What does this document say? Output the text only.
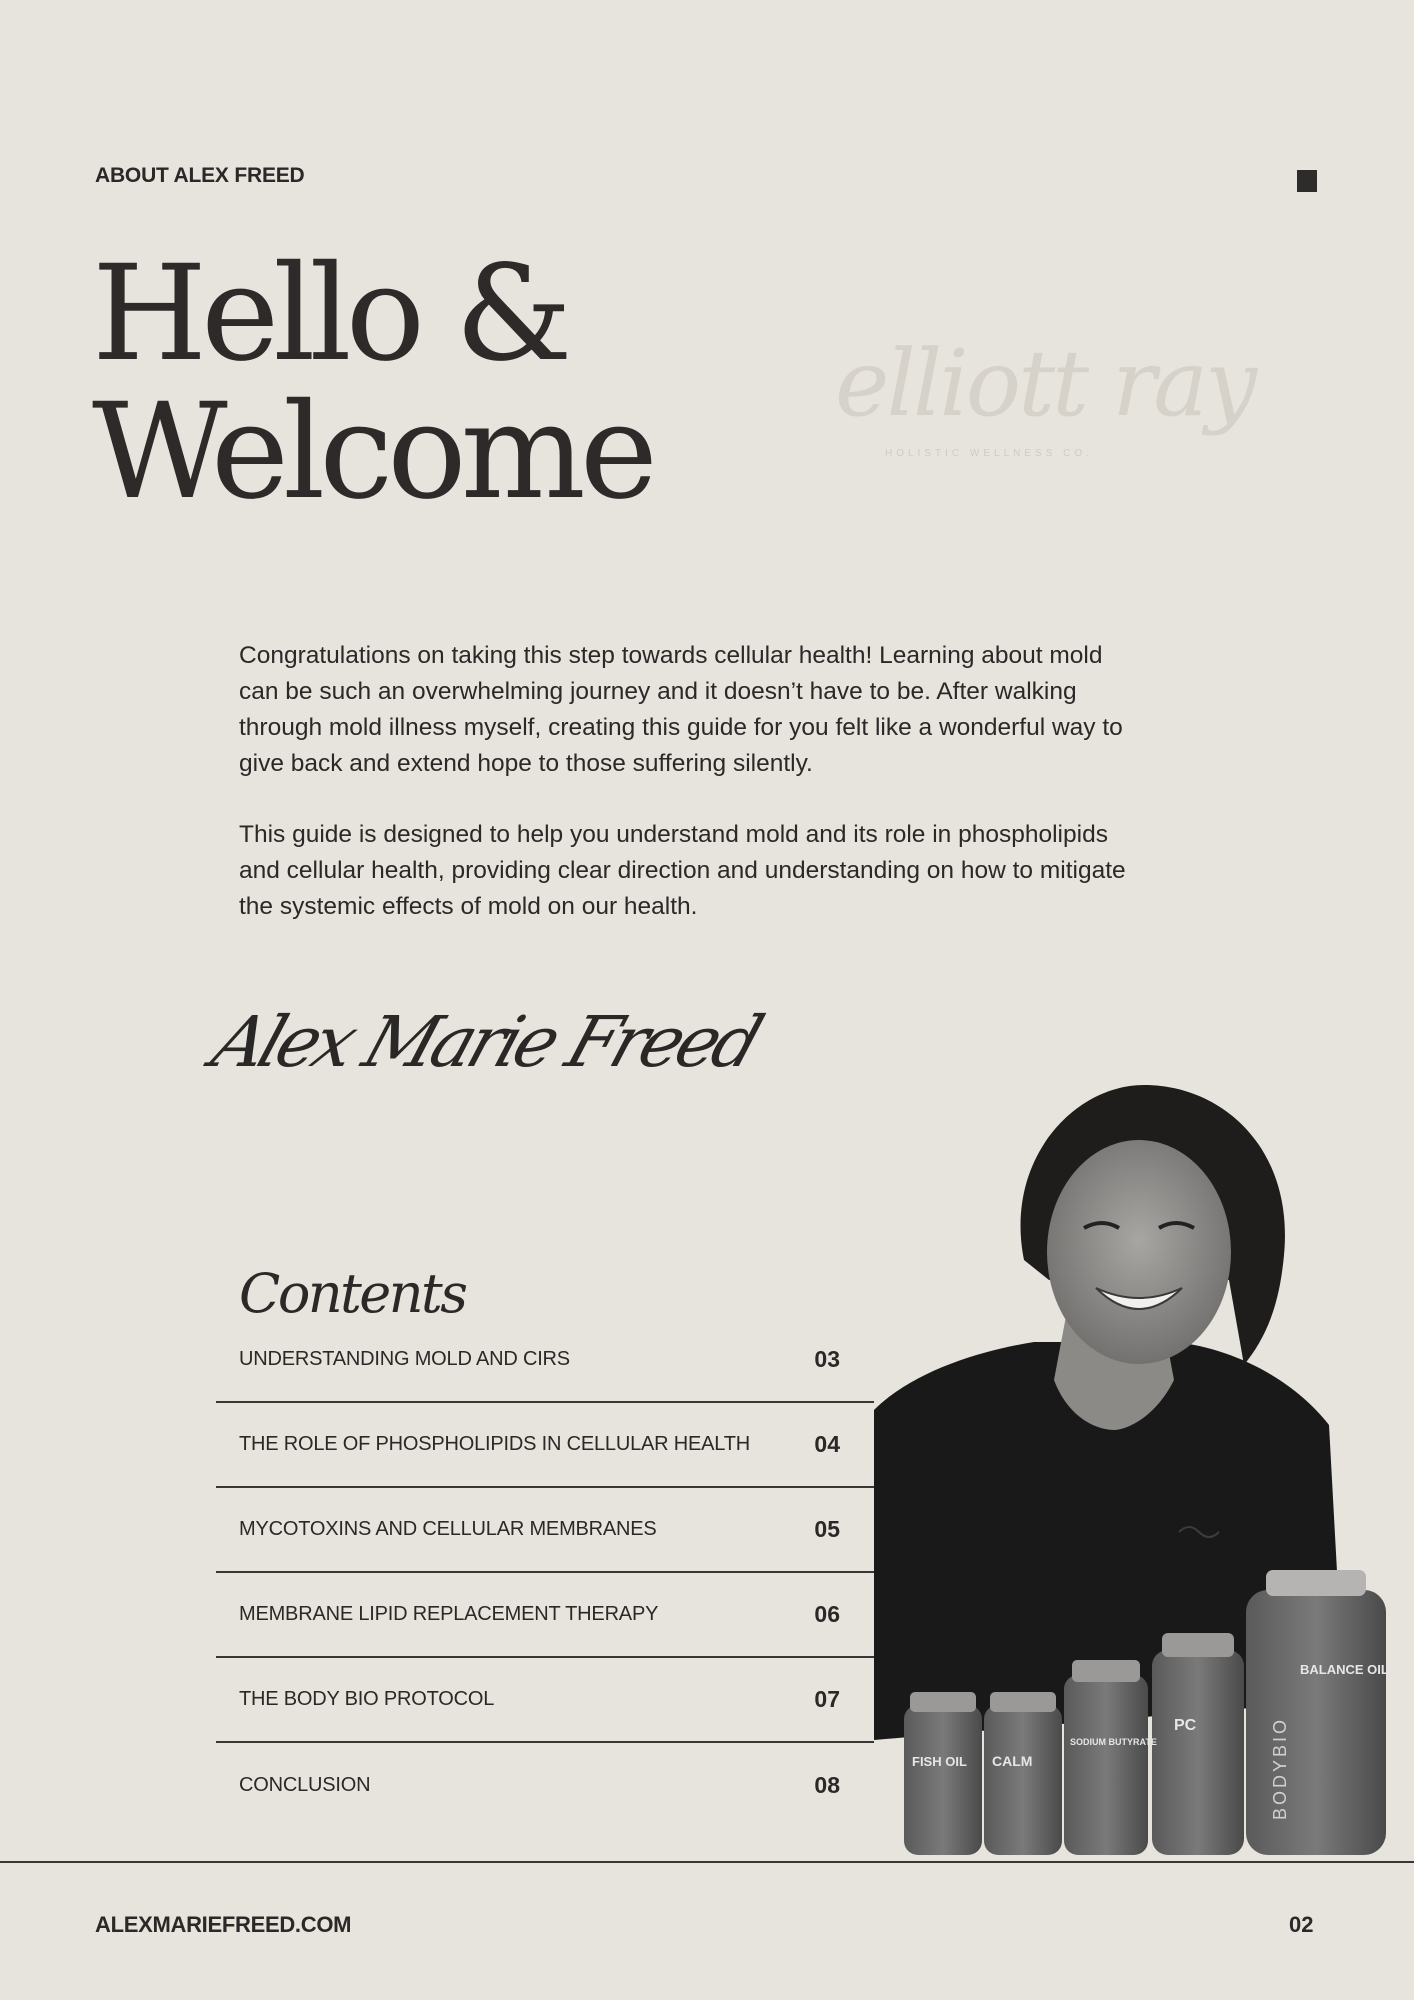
ABOUT ALEX FREED
Hello &
Welcome elliott ray
HOLISTIC WELLNESS CO.

Congratulations on taking this step towards cellular health! Learning about mold can be such an overwhelming journey and it doesn’t have to be. After walking through mold illness myself, creating this guide for you felt like a wonderful way to give back and extend hope to those suffering silently.

This guide is designed to help you understand mold and its role in phospholipids and cellular health, providing clear direction and understanding on how to mitigate the systemic effects of mold on our health.

Alex Marie Freed
FISH OIL CALM
SODIUM BUTYRATE
PC
BALANCE OIL
BODYBIO
Contents
UNDERSTANDING MOLD AND CIRS	03
THE ROLE OF PHOSPHOLIPIDS IN CELLULAR HEALTH	04
MYCOTOXINS AND CELLULAR MEMBRANES	05
MEMBRANE LIPID REPLACEMENT THERAPY	06
THE BODY BIO PROTOCOL	07
CONCLUSION	08
ALEXMARIEFREED.COM	02
